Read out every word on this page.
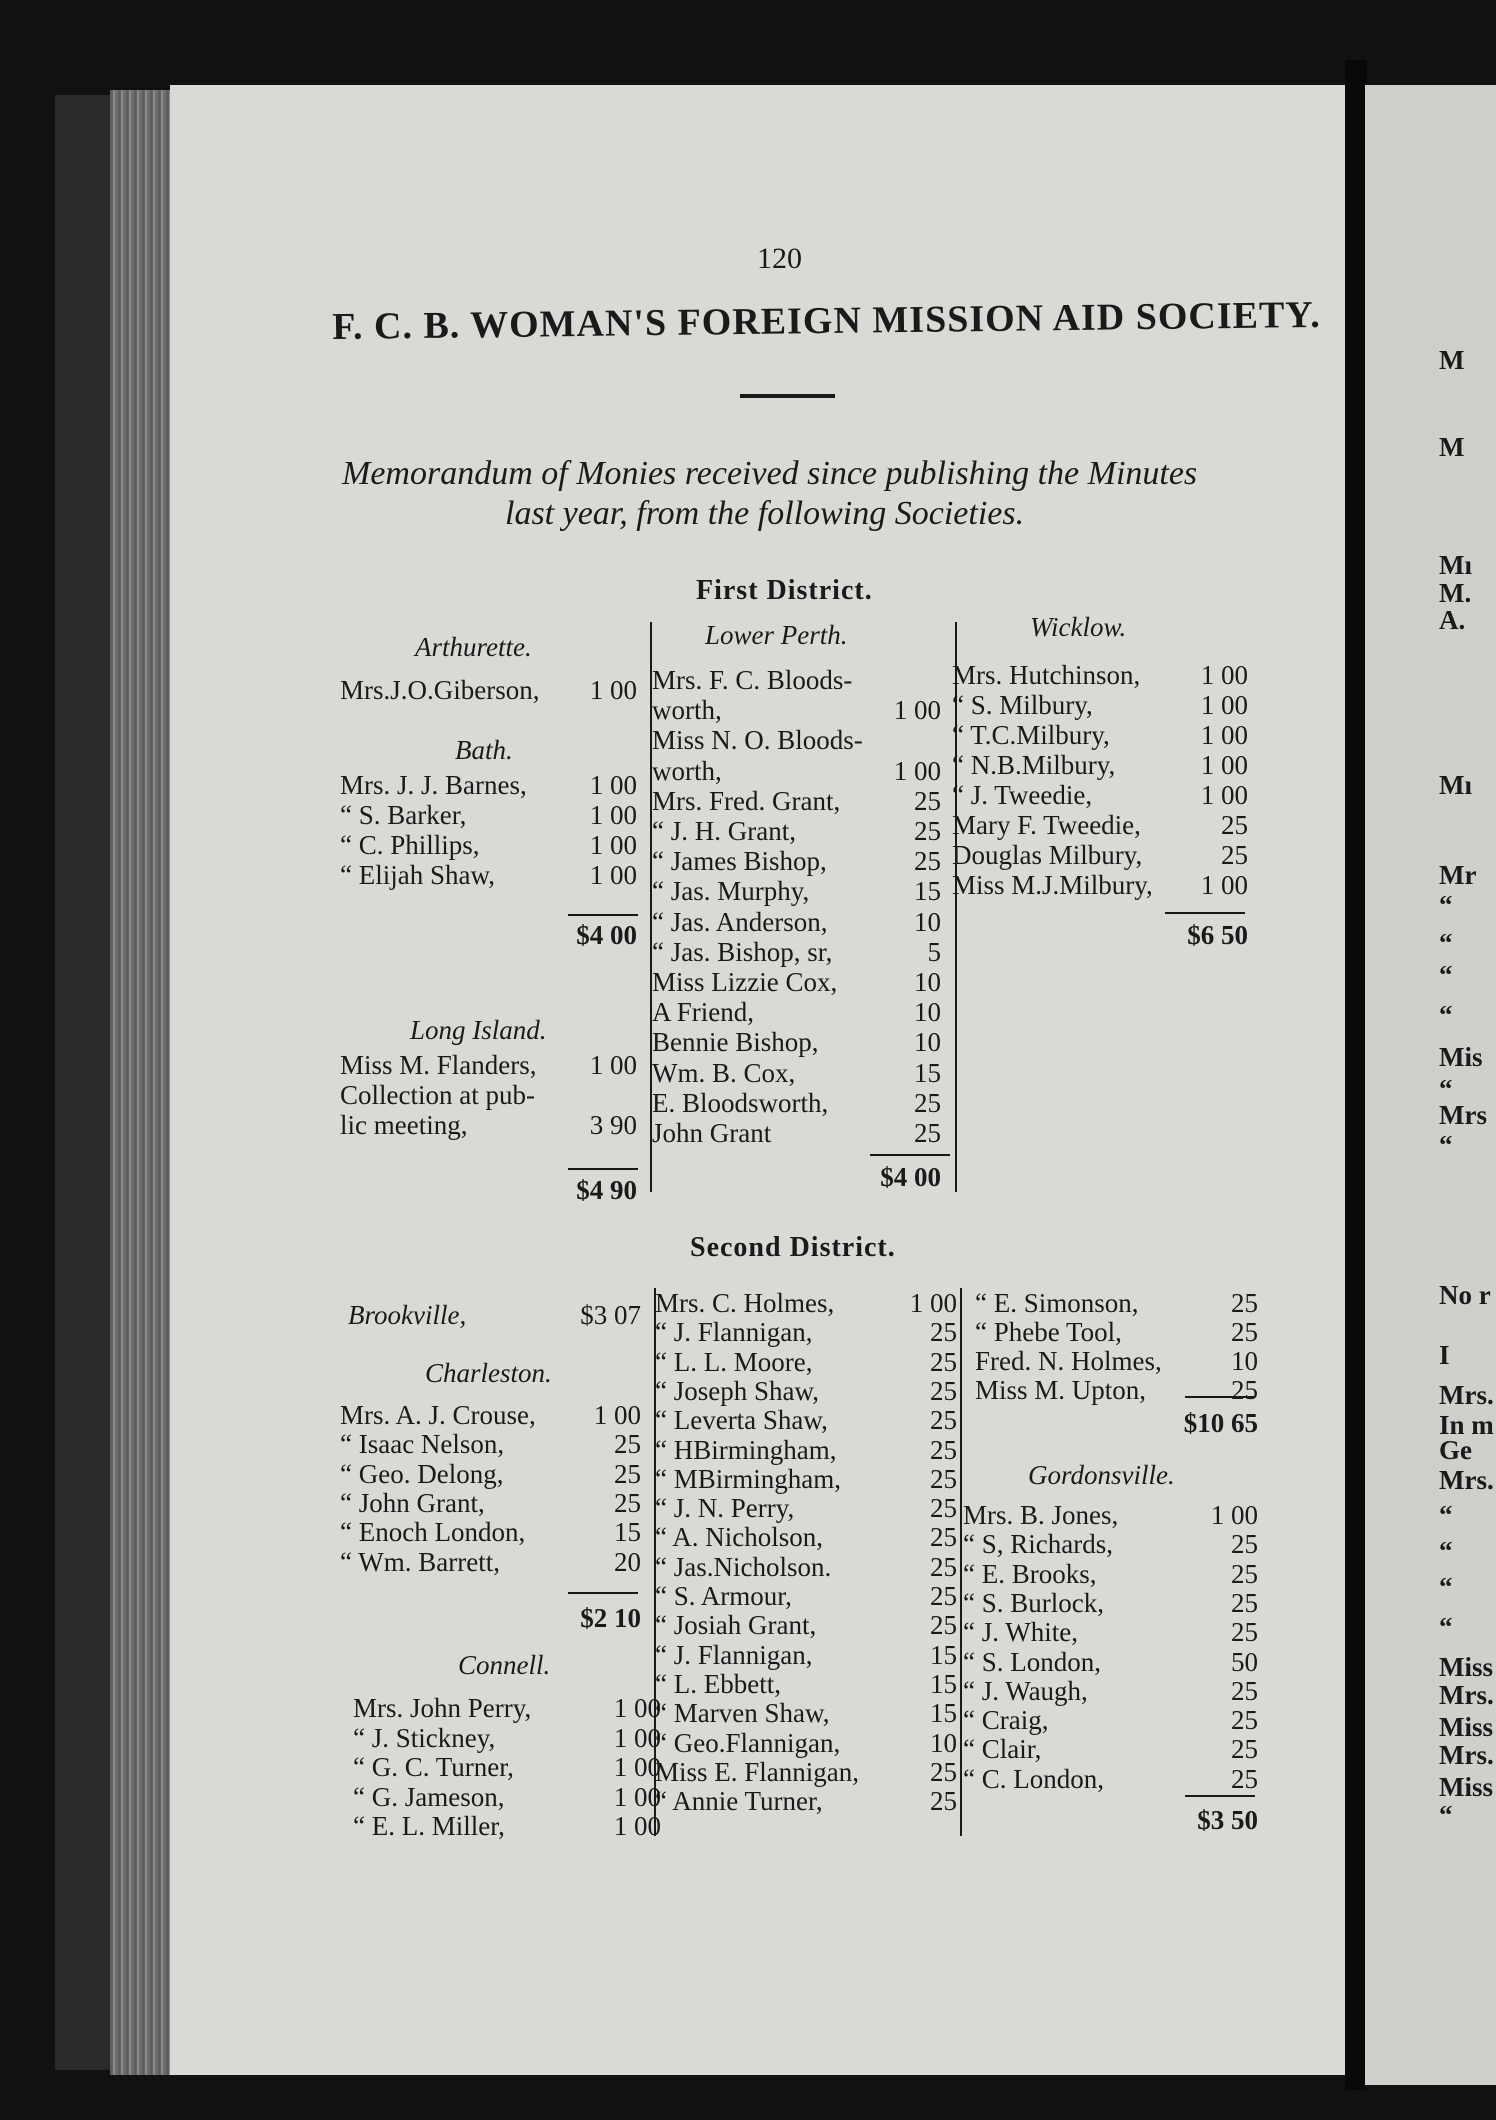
M
M
Mı
M.
A.
Mı
Mr
“
“
“
“
Mis
“
Mrs
“
No r
I
Mrs.
In m
Ge
Mrs.
“
“
“
“
Miss
Mrs.
Miss
Mrs.
Miss
“
120
F. C. B. WOMAN'S FOREIGN MISSION AID SOCIETY.
Memorandum of Monies received since publishing the Minutes
last year, from the following Societies.
First District.
Second District.
Arthurette.
Mrs.J.O.Giberson,	1 00
Bath.
Mrs. J. J. Barnes,	1 00
“ S. Barker,	1 00
“ C. Phillips,	1 00
“ Elijah Shaw,	1 00
$4 00
Long Island.
Miss M. Flanders,	1 00
Collection at pub-
lic meeting,	3 90
$4 90
Lower Perth.
Mrs. F. C. Bloods-
worth,	1 00
Miss N. O. Bloods-
worth,	1 00
Mrs. Fred. Grant,	25
“ J. H. Grant,	25
“ James Bishop,	25
“ Jas. Murphy,	15
“ Jas. Anderson,	10
“ Jas. Bishop, sr,	5
Miss Lizzie Cox,	10
A Friend,	10
Bennie Bishop,	10
Wm. B. Cox,	15
E. Bloodsworth,	25
John Grant	25
$4 00
Wicklow.
Mrs. Hutchinson,	1 00
“ S. Milbury,	1 00
“ T.C.Milbury,	1 00
“ N.B.Milbury,	1 00
“ J. Tweedie,	1 00
Mary F. Tweedie,	25
Douglas Milbury,	25
Miss M.J.Milbury,	1 00
$6 50
Charleston.
Mrs. A. J. Crouse,	1 00
“ Isaac Nelson,	25
“ Geo. Delong,	25
“ John Grant,	25
“ Enoch London,	15
“ Wm. Barrett,	20
$2 10
Connell.
Mrs. John Perry,	1 00
“ J. Stickney,	1 00
“ G. C. Turner,	1 00
“ G. Jameson,	1 00
“ E. L. Miller,	1 00
Mrs. C. Holmes,	1 00
“ J. Flannigan,	25
“ L. L. Moore,	25
“ Joseph Shaw,	25
“ Leverta Shaw,	25
“ HBirmingham,	25
“ MBirmingham,	25
“ J. N. Perry,	25
“ A. Nicholson,	25
“ Jas.Nicholson.	25
“ S. Armour,	25
“ Josiah Grant,	25
“ J. Flannigan,	15
“ L. Ebbett,	15
“ Marven Shaw,	15
“ Geo.Flannigan,	10
Miss E. Flannigan,	25
“ Annie Turner,	25
“ E. Simonson,	25
“ Phebe Tool,	25
Fred. N. Holmes,	10
Miss M. Upton,	25
$10 65
Gordonsville.
Mrs. B. Jones,	1 00
“ S, Richards,	25
“ E. Brooks,	25
“ S. Burlock,	25
“ J. White,	25
“ S. London,	50
“ J. Waugh,	25
“ Craig,	25
“ Clair,	25
“ C. London,	25
$3 50
Brookville,	$3 07
